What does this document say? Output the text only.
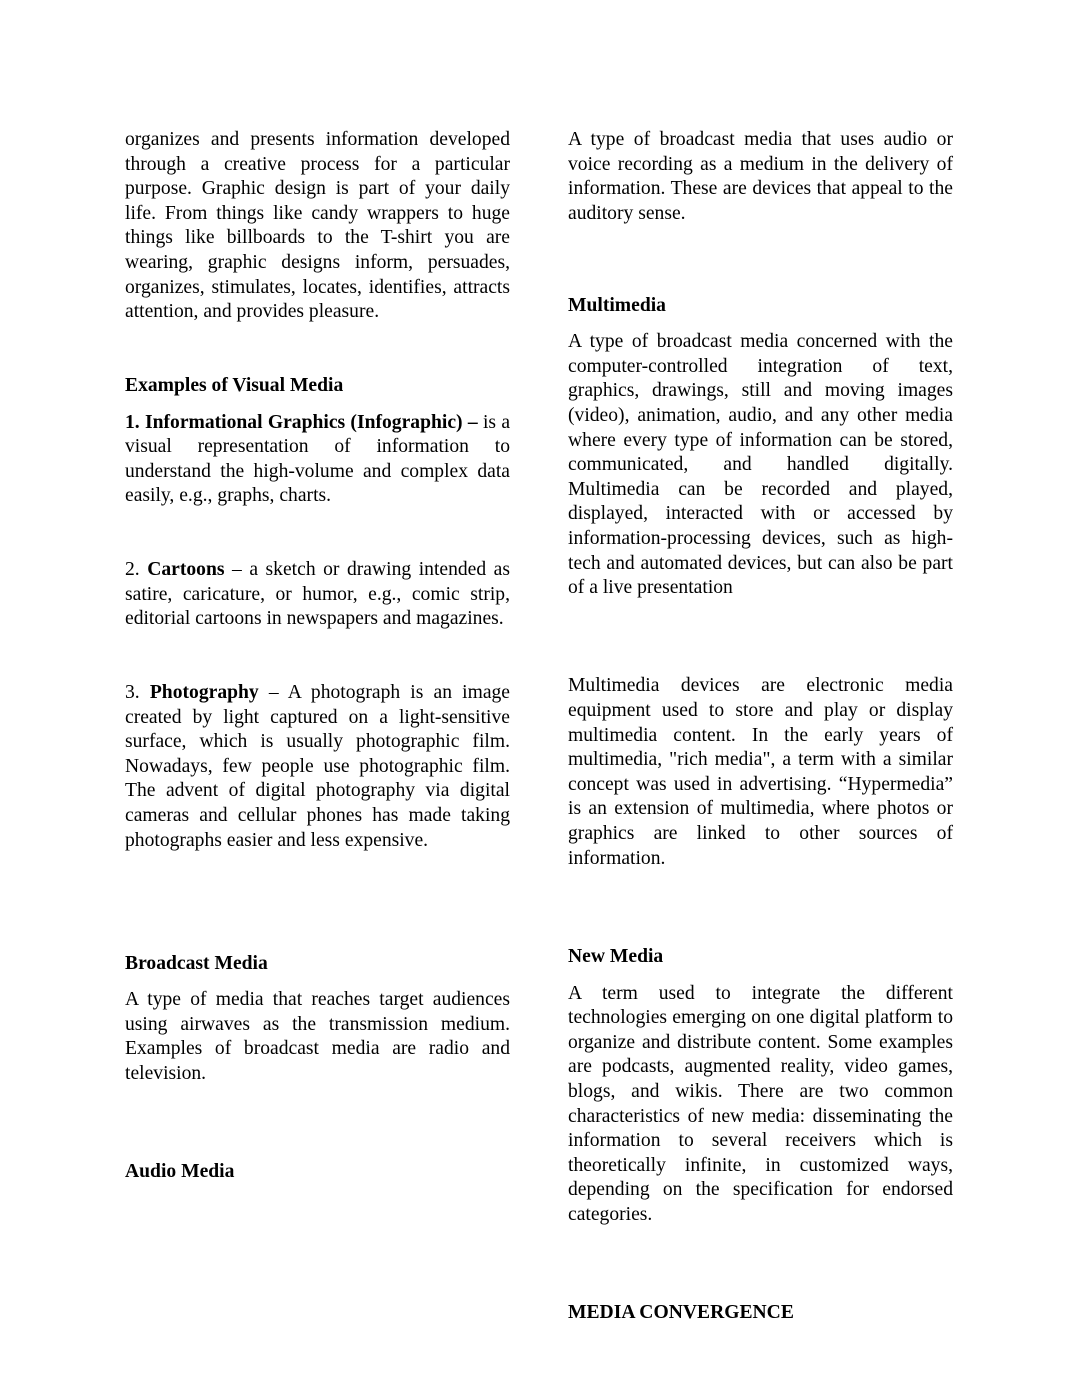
organizes and presents information developed through a creative process for a particular purpose. Graphic design is part of your daily life. From things like candy wrappers to huge things like billboards to the T-shirt you are wearing, graphic designs inform, persuades, organizes, stimulates, locates, identifies, attracts attention, and provides pleasure.

Examples of Visual Media

1. Informational Graphics (Infographic) – is a visual representation of information to understand the high-volume and complex data easily, e.g., graphs, charts.

2. Cartoons – a sketch or drawing intended as satire, caricature, or humor, e.g., comic strip, editorial cartoons in newspapers and magazines.

3. Photography – A photograph is an image created by light captured on a light-sensitive surface, which is usually photographic film. Nowadays, few people use photographic film. The advent of digital photography via digital cameras and cellular phones has made taking photographs easier and less expensive.

Broadcast Media

A type of media that reaches target audiences using airwaves as the transmission medium. Examples of broadcast media are radio and television.

Audio Media

A type of broadcast media that uses audio or voice recording as a medium in the delivery of information. These are devices that appeal to the auditory sense.

Multimedia

A type of broadcast media concerned with the computer-controlled integration of text, graphics, drawings, still and moving images (video), animation, audio, and any other media where every type of information can be stored, communicated, and handled digitally. Multimedia can be recorded and played, displayed, interacted with or accessed by information-processing devices, such as high-tech and automated devices, but can also be part of a live presentation

Multimedia devices are electronic media equipment used to store and play or display multimedia content. In the early years of multimedia, "rich media", a term with a similar concept was used in advertising. “Hypermedia” is an extension of multimedia, where photos or graphics are linked to other sources of information.

New Media

A term used to integrate the different technologies emerging on one digital platform to organize and distribute content. Some examples are podcasts, augmented reality, video games, blogs, and wikis. There are two common characteristics of new media: disseminating the information to several receivers which is theoretically infinite, in customized ways, depending on the specification for endorsed categories.

MEDIA CONVERGENCE
